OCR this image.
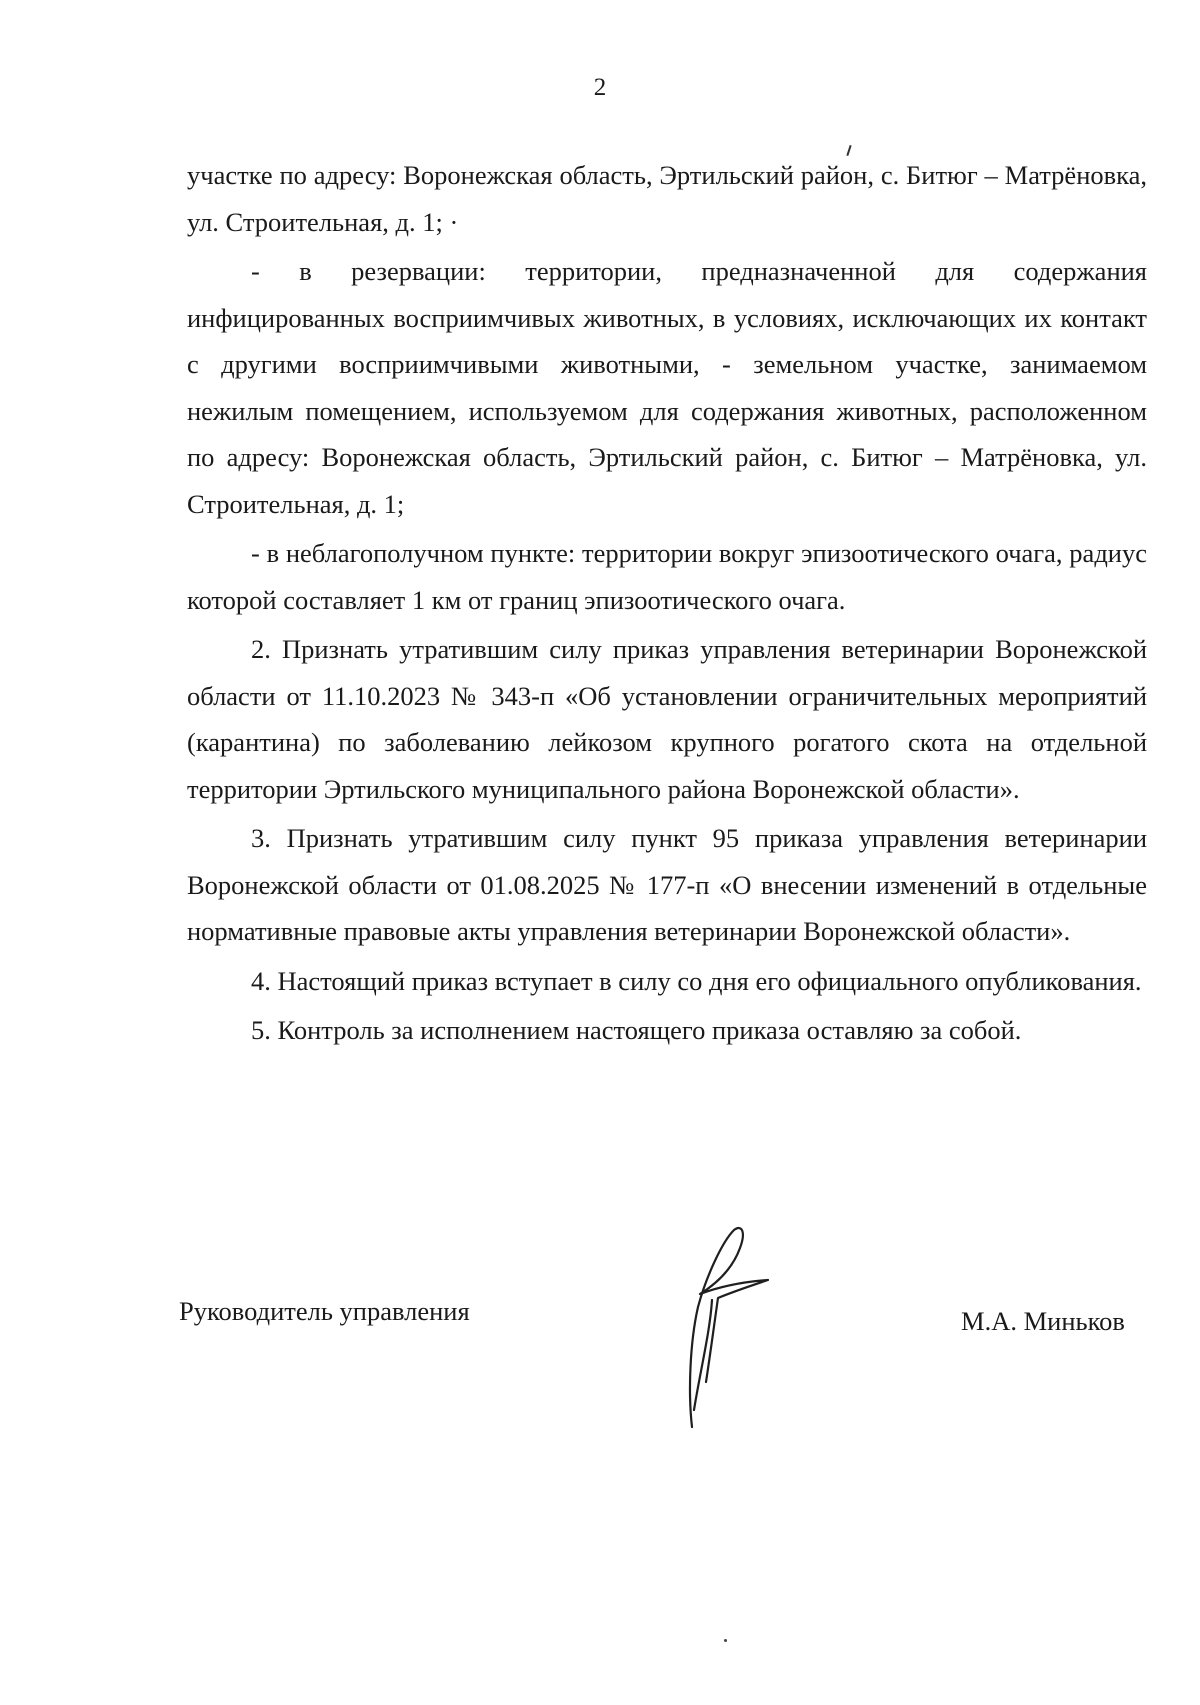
2

участке по адресу: Воронежская область, Эртильский район, с. Битюг – Матрёновка, ул. Строительная, д. 1; ·

- в резервации: территории, предназначенной для содержания инфицированных восприимчивых животных, в условиях, исключающих их контакт с другими восприимчивыми животными, - земельном участке, занимаемом нежилым помещением, используемом для содержания животных, расположенном по адресу: Воронежская область, Эртильский район, с. Битюг – Матрёновка, ул. Строительная, д. 1;

- в неблагополучном пункте: территории вокруг эпизоотического очага, радиус которой составляет 1 км от границ эпизоотического очага.

2. Признать утратившим силу приказ управления ветеринарии Воронежской области от 11.10.2023 № 343-п «Об установлении ограничительных мероприятий (карантина) по заболеванию лейкозом крупного рогатого скота на отдельной территории Эртильского муниципального района Воронежской области».

3. Признать утратившим силу пункт 95 приказа управления ветеринарии Воронежской области от 01.08.2025 № 177-п «О внесении изменений в отдельные нормативные правовые акты управления ветеринарии Воронежской области».

4. Настоящий приказ вступает в силу со дня его официального опубликования.

5. Контроль за исполнением настоящего приказа оставляю за собой.

Руководитель управления	М.А. Миньков
